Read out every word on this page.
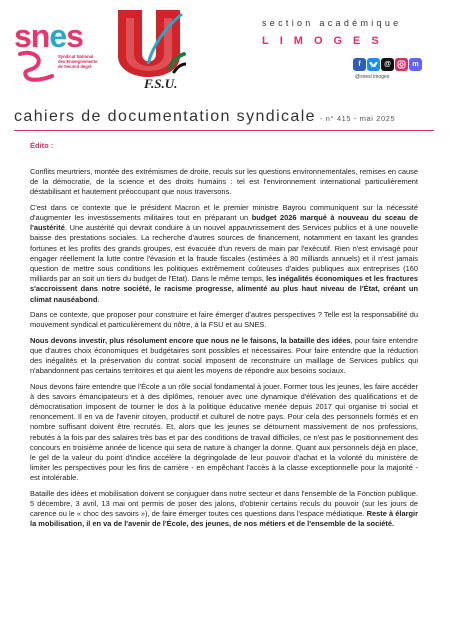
snes
Syndicat National des Enseignements de Second degré
F.S.U.
section académique
LIMOGES
f	@	m
@snesl imoges
cahiers de documentation syndicale - n° 415 - mai 2025
Édito :

Conflits meurtriers, montée des extrémismes de droite, reculs sur les questions environnementales, remises en cause de la démocratie, de la science et des droits humains : tel est l'environnement international particulièrement déstabilisant et hautement préoccupant que nous traversons.

C'est dans ce contexte que le président Macron et le premier ministre Bayrou communiquent sur la nécessité d'augmenter les investissements militaires tout en préparant un budget 2026 marqué à nouveau du sceau de l'austérité. Une austérité qui devrait conduire à un nouvel appauvrissement des Services publics et à une nouvelle baisse des prestations sociales. La recherche d'autres sources de financement, notamment en taxant les grandes fortunes et les profits des grands groupes, est évacuée d'un revers de main par l'exécutif. Rien n'est envisagé pour engager réellement la lutte contre l'évasion et la fraude fiscales (estimées à 80 milliards annuels) et il n'est jamais question de mettre sous conditions les politiques extrêmement coûteuses d'aides publiques aux entreprises (160 milliards par an soit un tiers du budget de l'Etat). Dans le même temps, les inégalités économiques et les fractures s'accroissent dans notre société, le racisme progresse, alimenté au plus haut niveau de l'État, créant un climat nauséabond.

Dans ce contexte, que proposer pour construire et faire émerger d'autres perspectives ? Telle est la responsabilité du mouvement syndical et particulièrement du nôtre, à la FSU et au SNES.

Nous devons investir, plus résolument encore que nous ne le faisons, la bataille des idées, pour faire entendre que d'autres choix économiques et budgétaires sont possibles et nécessaires. Pour faire entendre que la réduction des inégalités et la préservation du contrat social imposent de reconstruire un maillage de Services publics qui n'abandonnent pas certains territoires et qui aient les moyens de répondre aux besoins sociaux.

Nous devons faire entendre que l'École a un rôle social fondamental à jouer. Former tous les jeunes, les faire accéder à des savoirs émancipateurs et à des diplômes, renouer avec une dynamique d'élévation des qualifications et de démocratisation imposent de tourner le dos à la politique éducative menée depuis 2017 qui organise tri social et renoncement. Il en va de l'avenir citoyen, productif et culturel de notre pays. Pour cela des personnels formés et en nombre suffisant doivent être recrutés. Et, alors que les jeunes se détournent massivement de nos professions, rebutés à la fois par des salaires très bas et par des conditions de travail difficiles, ce n'est pas le positionnement des concours en troisième année de licence qui sera de nature à changer la donne. Quant aux personnels déjà en place, le gel de la valeur du point d'indice accélère la dégringolade de leur pouvoir d'achat et la volonté du ministère de limiter les perspectives pour les fins de carrière - en empêchant l'accès à la classe exceptionnelle pour la majorité - est intolérable.

Bataille des idées et mobilisation doivent se conjuguer dans notre secteur et dans l'ensemble de la Fonction publique. 5 décembre, 3 avril, 13 mai ont permis de poser des jalons, d'obtenir certains reculs du pouvoir (sur les jours de carence ou le « choc des savoirs »), de faire émerger toutes ces questions dans l'espace médiatique. Reste à élargir la mobilisation, il en va de l'avenir de l'École, des jeunes, de nos métiers et de l'ensemble de la société.
